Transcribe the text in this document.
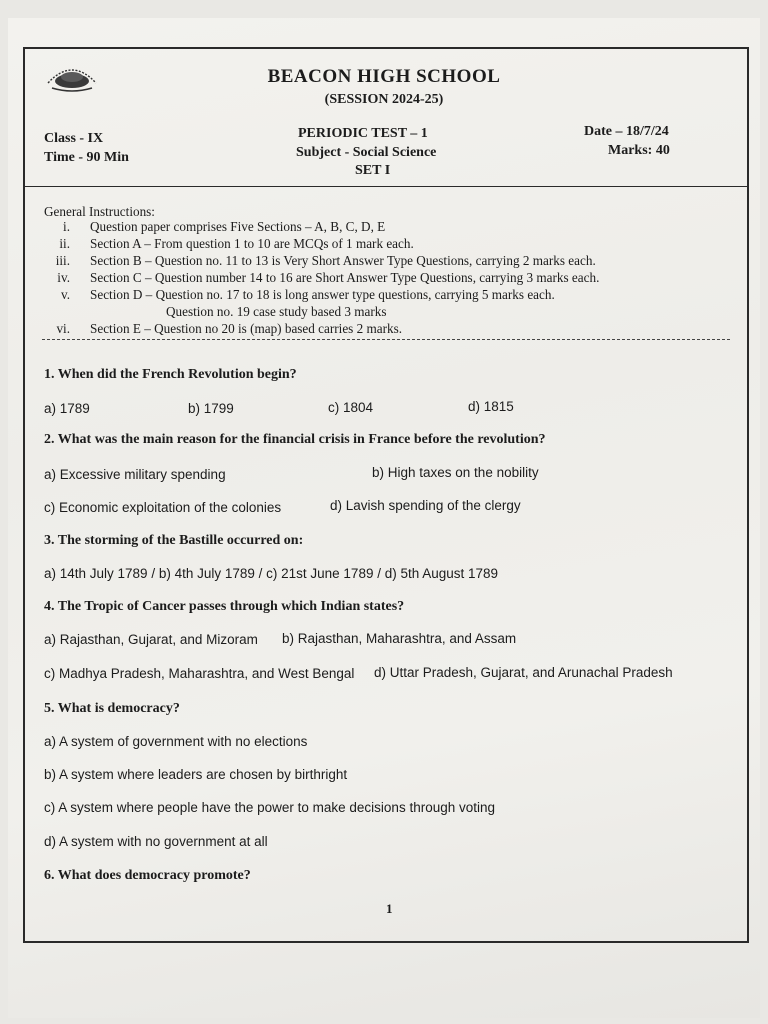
BEACON HIGH SCHOOL
(SESSION 2024-25)
Class - IX
Time - 90 Min
PERIODIC TEST – 1
Subject - Social Science
SET I
Date – 18/7/24
Marks: 40
General Instructions:
i. Question paper comprises Five Sections – A, B, C, D, E
ii. Section A – From question 1 to 10 are MCQs of 1 mark each.
iii. Section B – Question no. 11 to 13 is Very Short Answer Type Questions, carrying 2 marks each.
iv. Section C – Question number 14 to 16 are Short Answer Type Questions, carrying 3 marks each.
v. Section D – Question no. 17 to 18 is long answer type questions, carrying 5 marks each.
Question no. 19 case study based 3 marks
vi. Section E – Question no 20 is (map) based carries 2 marks.
1. When did the French Revolution begin?
a) 1789	b) 1799	c) 1804	d) 1815
2. What was the main reason for the financial crisis in France before the revolution?
a) Excessive military spending	b) High taxes on the nobility
c) Economic exploitation of the colonies	d) Lavish spending of the clergy
3. The storming of the Bastille occurred on:
a) 14th July 1789 / b) 4th July 1789 / c) 21st June 1789 / d) 5th August 1789
4. The Tropic of Cancer passes through which Indian states?
a) Rajasthan, Gujarat, and Mizoram b) Rajasthan, Maharashtra, and Assam
c) Madhya Pradesh, Maharashtra, and West Bengal d) Uttar Pradesh, Gujarat, and Arunachal Pradesh
5. What is democracy?
a) A system of government with no elections
b) A system where leaders are chosen by birthright
c) A system where people have the power to make decisions through voting
d) A system with no government at all
6. What does democracy promote?
1
